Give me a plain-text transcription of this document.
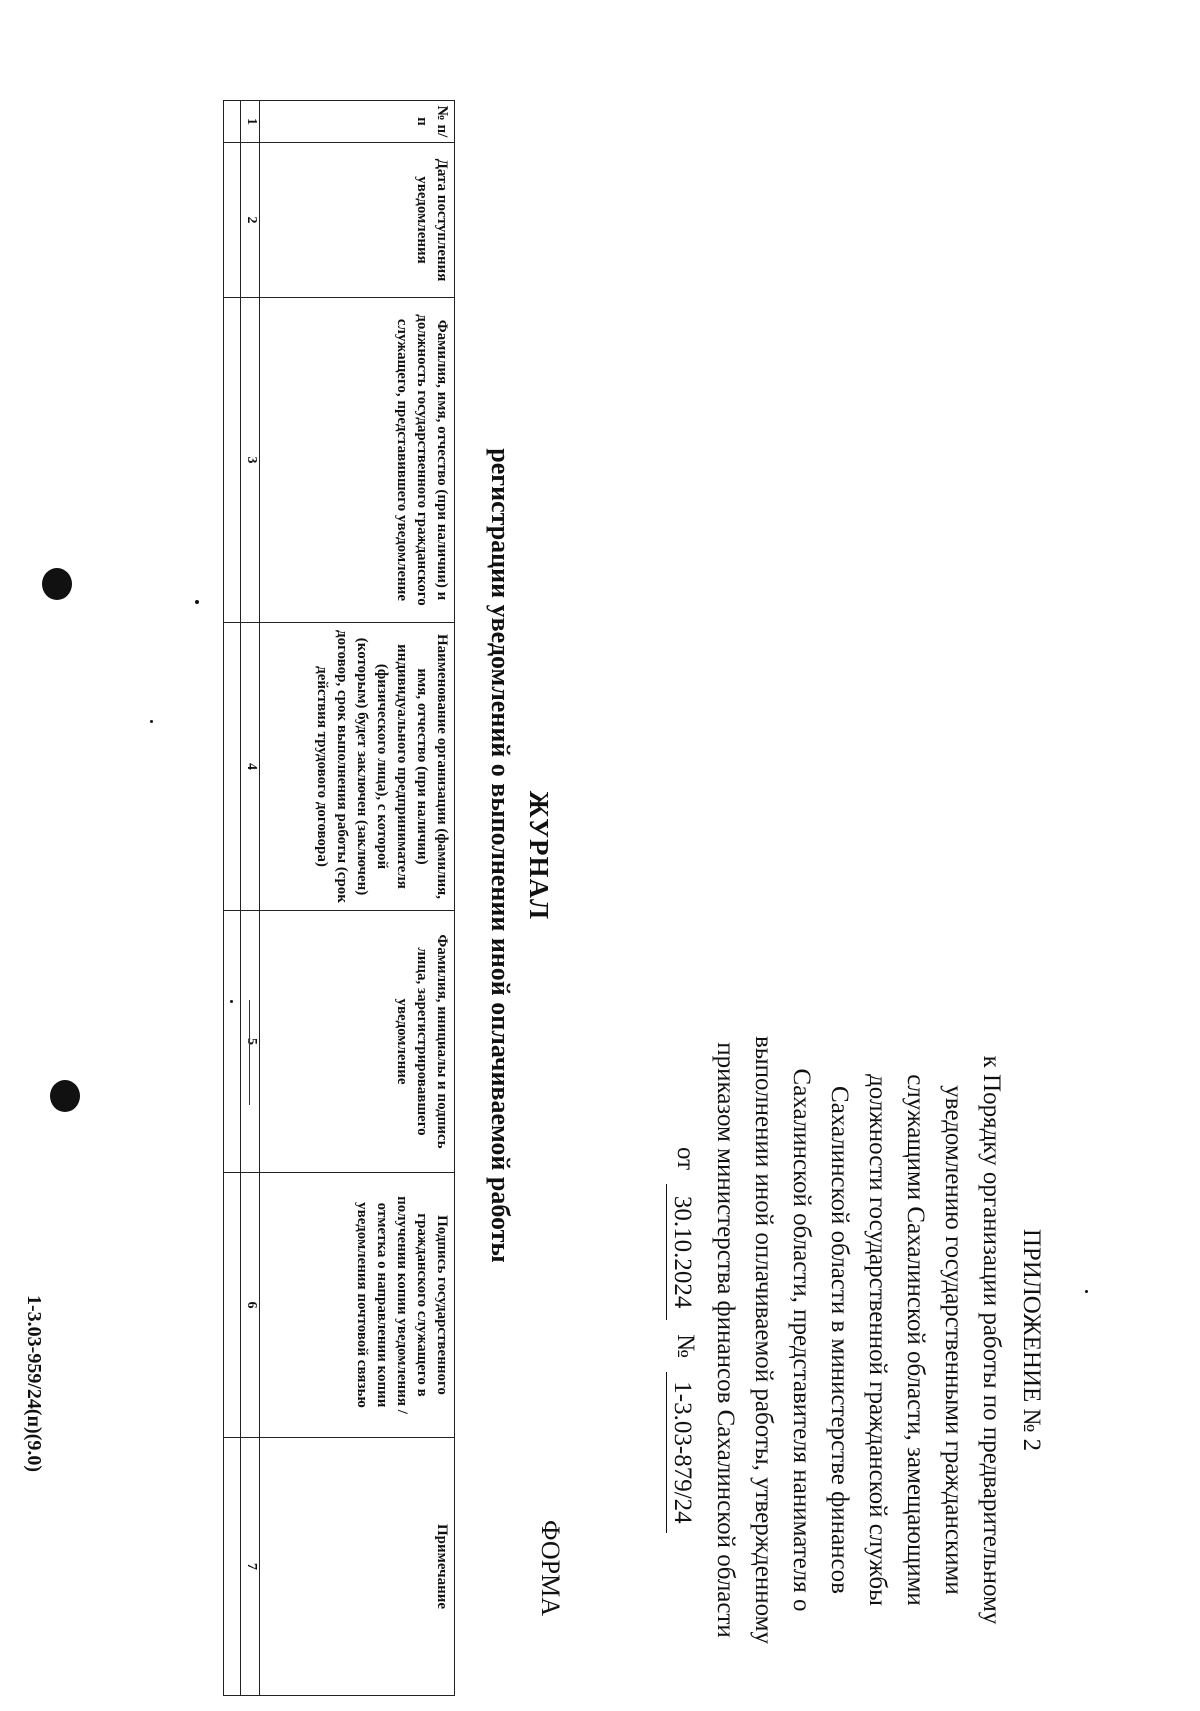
ПРИЛОЖЕНИЕ № 2
к Порядку организации работы по предварительному уведомлению государственными гражданскими служащими Сахалинской области, замещающими должности государственной гражданской службы Сахалинской области в министерстве финансов Сахалинской области, представителя нанимателя о выполнении иной оплачиваемой работы, утвержденному приказом министерства финансов Сахалинской области
от
30.10.2024
№
1-3.03-879/24
ФОРМА
ЖУРНАЛ
регистрации уведомлений о выполнении иной оплачиваемой работы
№ п/п	Дата поступления уведомления	Фамилия, имя, отчество (при наличии) и должность государственного гражданского служащего, представившего уведомление	Наименование организации (фамилия, имя, отчество (при наличии) индивидуального предпринимателя (физического лица), с которой (которым) будет заключен (заключен) договор, срок выполнения работы (срок действия трудового договора)	Фамилия, инициалы и подпись лица, зарегистрировавшего уведомление	Подпись государственного гражданского служащего в получении копии уведомления / отметка о направлении копии уведомления почтовой связью	Примечание
1	2	3	4	5	6	7

1-3.03-959/24(п)(9.0)
